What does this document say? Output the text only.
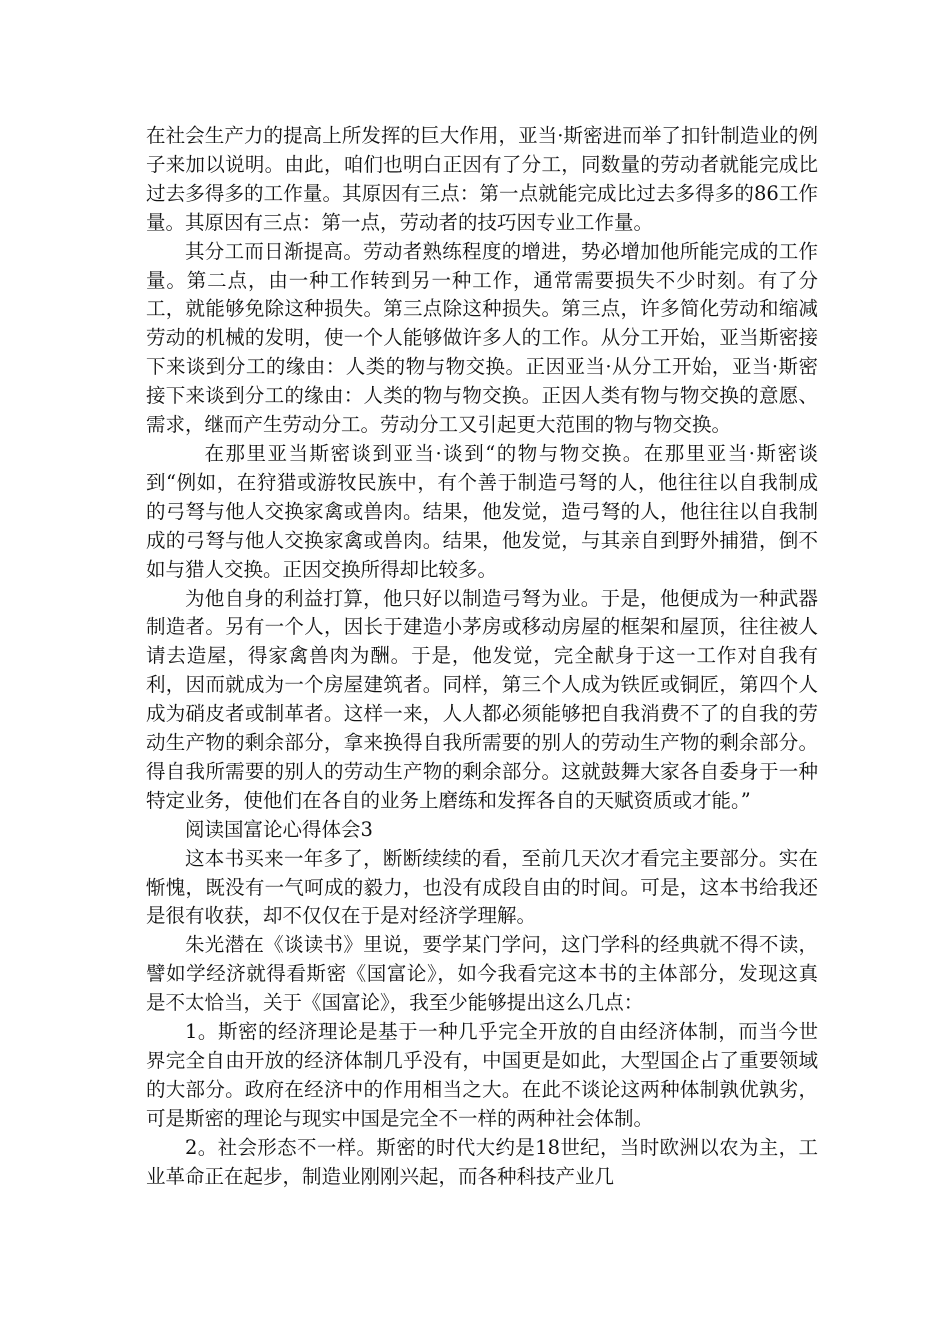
在社会生产力的提高上所发挥的巨大作用，亚当·斯密进而举了扣针制造业的例子来加以说明。由此，咱们也明白正因有了分工，同数量的劳动者就能完成比过去多得多的工作量。其原因有三点：第一点就能完成比过去多得多的86工作量。其原因有三点：第一点，劳动者的技巧因专业工作量。

其分工而日渐提高。劳动者熟练程度的增进，势必增加他所能完成的工作量。第二点，由一种工作转到另一种工作，通常需要损失不少时刻。有了分工，就能够免除这种损失。第三点除这种损失。第三点，许多简化劳动和缩减劳动的机械的发明，使一个人能够做许多人的工作。从分工开始，亚当斯密接下来谈到分工的缘由：人类的物与物交换。正因亚当·从分工开始，亚当·斯密接下来谈到分工的缘由：人类的物与物交换。正因人类有物与物交换的意愿、需求，继而产生劳动分工。劳动分工又引起更大范围的物与物交换。

在那里亚当斯密谈到亚当·谈到“的物与物交换。在那里亚当·斯密谈到“例如，在狩猎或游牧民族中，有个善于制造弓弩的人，他往往以自我制成的弓弩与他人交换家禽或兽肉。结果，他发觉，造弓弩的人，他往往以自我制成的弓弩与他人交换家禽或兽肉。结果，他发觉，与其亲自到野外捕猎，倒不如与猎人交换。正因交换所得却比较多。

为他自身的利益打算，他只好以制造弓弩为业。于是，他便成为一种武器制造者。另有一个人，因长于建造小茅房或移动房屋的框架和屋顶，往往被人请去造屋，得家禽兽肉为酬。于是，他发觉，完全献身于这一工作对自我有利，因而就成为一个房屋建筑者。同样，第三个人成为铁匠或铜匠，第四个人成为硝皮者或制革者。这样一来，人人都必须能够把自我消费不了的自我的劳动生产物的剩余部分，拿来换得自我所需要的别人的劳动生产物的剩余部分。得自我所需要的别人的劳动生产物的剩余部分。这就鼓舞大家各自委身于一种特定业务，使他们在各自的业务上磨练和发挥各自的天赋资质或才能。”

阅读国富论心得体会3

这本书买来一年多了，断断续续的看，至前几天次才看完主要部分。实在惭愧，既没有一气呵成的毅力，也没有成段自由的时间。可是，这本书给我还是很有收获，却不仅仅在于是对经济学理解。

朱光潜在《谈读书》里说，要学某门学问，这门学科的经典就不得不读，譬如学经济就得看斯密《国富论》，如今我看完这本书的主体部分，发现这真是不太恰当，关于《国富论》，我至少能够提出这么几点：

1。斯密的经济理论是基于一种几乎完全开放的自由经济体制，而当今世界完全自由开放的经济体制几乎没有，中国更是如此，大型国企占了重要领域的大部分。政府在经济中的作用相当之大。在此不谈论这两种体制孰优孰劣，可是斯密的理论与现实中国是完全不一样的两种社会体制。

2。社会形态不一样。斯密的时代大约是18世纪，当时欧洲以农为主，工业革命正在起步，制造业刚刚兴起，而各种科技产业几
